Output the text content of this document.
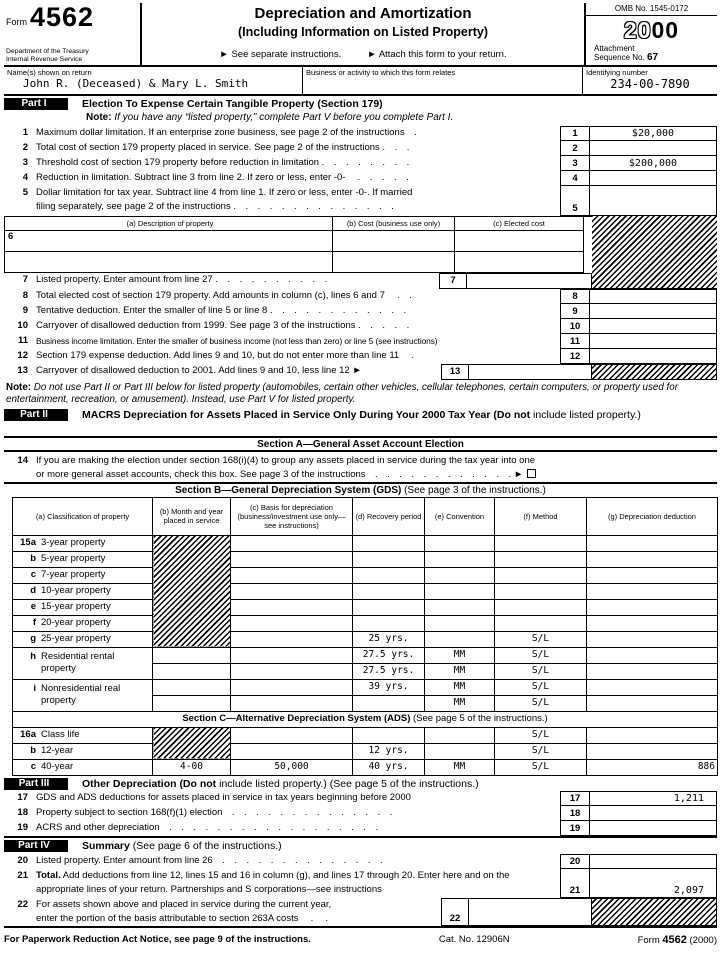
Form 4562
Department of the Treasury
Internal Revenue Service
Depreciation and Amortization
(Including Information on Listed Property)
► See separate instructions.	► Attach this form to your return.
OMB No. 1545-0172
2000
Attachment
Sequence No. 67
Name(s) shown on return
John R. (Deceased) & Mary L. Smith
Business or activity to which this form relates	Identifying number
234-00-7890
Part I	Election To Expense Certain Tangible Property (Section 179)
Note: If you have any “listed property,” complete Part V before you complete Part I.
1 Maximum dollar limitation. If an enterprise zone business, see page 2 of the instructions .	1	$20,000
2 Total cost of section 179 property placed in service. See page 2 of the instructions . . .	2
3 Threshold cost of section 179 property before reduction in limitation . . . . . . . .	3	$200,000
4 Reduction in limitation. Subtract line 3 from line 2. If zero or less, enter -0-  . . . . .	4
5 Dollar limitation for tax year. Subtract line 4 from line 1. If zero or less, enter -0-. If married
filing separately, see page 2 of the instructions . . . . . . . . . . . . . .	5
(a) Description of property	(b) Cost (business use only)	(c) Elected cost
6
7 Listed property. Enter amount from line 27 . . . . . . . . . .	7
8 Total elected cost of section 179 property. Add amounts in column (c), lines 6 and 7  . .	8
9 Tentative deduction. Enter the smaller of line 5 or line 8 . . . . . . . . . . . .	9
10 Carryover of disallowed deduction from 1999. See page 3 of the instructions . . . . .	10
11 Business income limitation. Enter the smaller of business income (not less than zero) or line 5 (see instructions)	11
12 Section 179 expense deduction. Add lines 9 and 10, but do not enter more than line 11  .	12
13 Carryover of disallowed deduction to 2001. Add lines 9 and 10, less line 12 ►	13
Note: Do not use Part II or Part III below for listed property (automobiles, certain other vehicles, cellular telephones, certain computers, or property used for entertainment, recreation, or amusement). Instead, use Part V for listed property.
Part II	MACRS Depreciation for Assets Placed in Service Only During Your 2000 Tax Year (Do not include listed property.)
Section A—General Asset Account Election
14 If you are making the election under section 168(i)(4) to group any assets placed in service during the tax year into one
or more general asset accounts, check this box. See page 3 of the instructions . . . . . . . . . . . . ►
Section B—General Depreciation System (GDS) (See page 3 of the instructions.)
(a) Classification of property	(b) Month and year placed in service	(c) Basis for depreciation (business/investment use only—see instructions)	(d) Recovery period	(e) Convention	(f) Method	(g) Depreciation deduction
15a 3-year property						
b 5-year property						
c 7-year property						
d 10-year property						
e 15-year property						
f 20-year property						
g 25-year property			25 yrs.		S/L	

h Residential rental
property			27.5 yrs.	MM	S/L	
			27.5 yrs.	MM	S/L	

i Nonresidential real
property			39 yrs.	MM	S/L	
				MM	S/L	
Section C—Alternative Depreciation System (ADS) (See page 5 of the instructions.)						
16a Class life					S/L	
b 12-year			12 yrs.		S/L	
c 40-year	4-00	50,000	40 yrs.	MM	S/L	886
Part III	Other Depreciation (Do not include listed property.) (See page 5 of the instructions.)
17 GDS and ADS deductions for assets placed in service in tax years beginning before 2000	17	1,211
18 Property subject to section 168(f)(1) election . . . . . . . . . . . . . .	18
19 ACRS and other depreciation . . . . . . . . . . . . . . . . . .	19
Part IV	Summary (See page 6 of the instructions.)
20 Listed property. Enter amount from line 26 . . . . . . . . . . . . . .	20
21 Total. Add deductions from line 12, lines 15 and 16 in column (g), and lines 17 through 20. Enter here and on the appropriate lines of your return. Partnerships and S corporations—see instructions	21	2,097
22 For assets shown above and placed in service during the current year,
enter the portion of the basis attributable to section 263A costs  .  .	22
For Paperwork Reduction Act Notice, see page 9 of the instructions.	Cat. No. 12906N	Form 4562 (2000)
